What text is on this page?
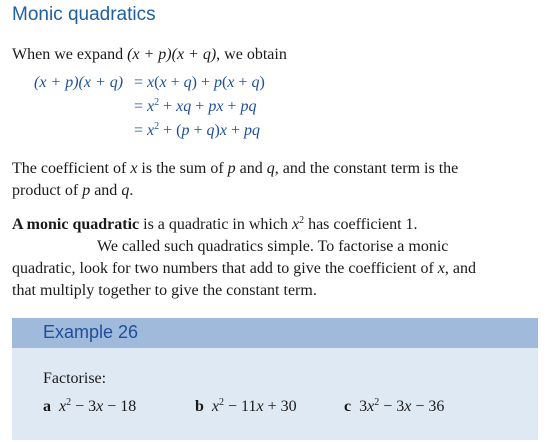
Monic quadratics

When we expand (x + p)(x + q), we obtain

(x + p)(x + q) = x(x + q) + p(x + q)
= $x^2$ + xq + px + pq
= $x^2 + (p + q)x$ + pq

The coefficient of x is the sum of p and q, and the constant term is the

product of p and q.

A monic quadratic is a quadratic in which $x^2$ has coefficient 1.

We called such quadratics simple. To factorise a monic

quadratic, look for two numbers that add to give the coefficient of x, and

that multiply together to give the constant term.

Example 26
Factorise:
a $x^2 - 3x - 18$	b $x^2 - 11x + 30$	c $3x^2 - 3x - 36$
